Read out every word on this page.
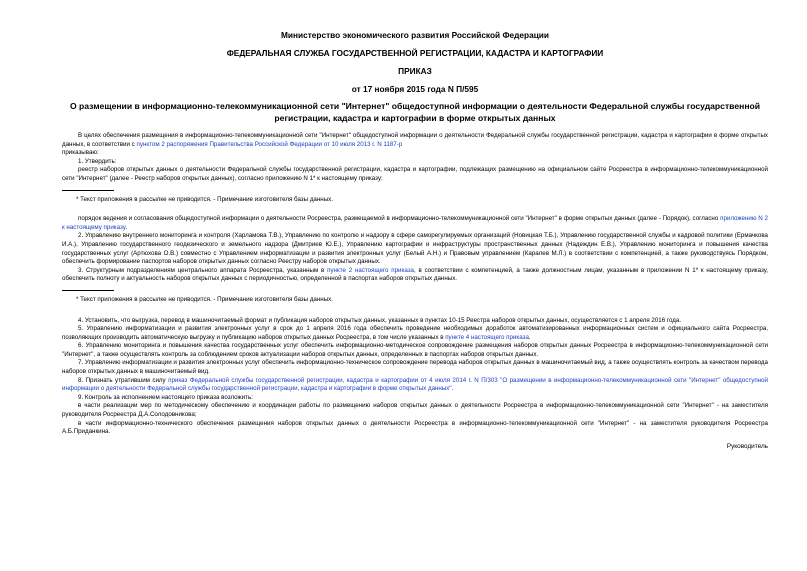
Министерство экономического развития Российской Федерации
ФЕДЕРАЛЬНАЯ СЛУЖБА ГОСУДАРСТВЕННОЙ РЕГИСТРАЦИИ, КАДАСТРА И КАРТОГРАФИИ
ПРИКАЗ
от 17 ноября 2015 года N П/595
О размещении в информационно-телекоммуникационной сети "Интернет" общедоступной информации о деятельности Федеральной службы государственной регистрации, кадастра и картографии в форме открытых данных

В целях обеспечения размещения в информационно-телекоммуникационной сети "Интернет" общедоступной информации о деятельности Федеральной службы государственной регистрации, кадастра и картографии в форме открытых данных, в соответствии с пунктом 2 распоряжения Правительства Российской Федерации от 10 июля 2013 г. N 1187-р

приказываю:

1. Утвердить:

реестр наборов открытых данных о деятельности Федеральной службы государственной регистрации, кадастра и картографии, подлежащих размещению на официальном сайте Росреестра в информационно-телекоммуникационной сети "Интернет" (далее - Реестр наборов открытых данных), согласно приложению N 1* к настоящему приказу;

* Текст приложения в рассылке не приводится. - Примечание изготовителя базы данных.

порядок ведения и согласования общедоступной информации о деятельности Росреестра, размещаемой в информационно-телекоммуникационной сети "Интернет" в форме открытых данных (далее - Порядок), согласно приложению N 2 к настоящему приказу.

2. Управлению внутреннего мониторинга и контроля (Харламова Т.В.), Управлению по контролю и надзору в сфере саморегулируемых организаций (Новицкая Т.Б.), Управлению государственной службы и кадровой политики (Ермачкова И.А.), Управлению государственного геодезического и земельного надзора (Дмитриев Ю.Е.), Управлению картографии и инфраструктуры пространственных данных (Надеждин Е.В.), Управлению мониторинга и повышения качества государственных услуг (Артюхова О.В.) совместно с Управлением информатизации и развития электронных услуг (Белый А.Н.) и Правовым управлением (Каралев М.Л.) в соответствии с компетенцией, а также руководствуясь Порядком, обеспечить формирование паспортов наборов открытых данных согласно Реестру наборов открытых данных.

3. Структурным подразделениям центрального аппарата Росреестра, указанным в пункте 2 настоящего приказа, в соответствии с компетенцией, а также должностным лицам, указанным в приложении N 1* к настоящему приказу, обеспечить полноту и актуальность наборов открытых данных с периодичностью, определенной в паспортах наборов открытых данных.

* Текст приложения в рассылке не приводится. - Примечание изготовителя базы данных.

4. Установить, что выгрузка, перевод в машиночитаемый формат и публикация наборов открытых данных, указанных в пунктах 10-15 Реестра наборов открытых данных, осуществляется с 1 апреля 2016 года.

5. Управлению информатизации и развития электронных услуг в срок до 1 апреля 2016 года обеспечить проведение необходимых доработок автоматизированных информационных систем и официального сайта Росреестра, позволяющих производить автоматическую выгрузку и публикацию наборов открытых данных Росреестра, в том числе указанных в пункте 4 настоящего приказа.

6. Управлению мониторинга и повышения качества государственных услуг обеспечить информационно-методическое сопровождение размещения наборов открытых данных Росреестра в информационно-телекоммуникационной сети "Интернет", а также осуществлять контроль за соблюдением сроков актуализации наборов открытых данных, определенных в паспортах наборов открытых данных.

7. Управлению информатизации и развития электронных услуг обеспечить информационно-техническое сопровождение перевода наборов открытых данных в машиночитаемый вид, а также осуществлять контроль за качеством перевода наборов открытых данных в машиночитаемый вид.

8. Признать утратившим силу приказ Федеральной службы государственной регистрации, кадастра и картографии от 4 июля 2014 г. N П/303 "О размещении в информационно-телекоммуникационной сети "Интернет" общедоступной информации о деятельности Федеральной службы государственной регистрации, кадастра и картографии в форме открытых данных".

9. Контроль за исполнением настоящего приказа возложить:

в части реализации мер по методическому обеспечению и координации работы по размещению наборов открытых данных о деятельности Росреестра в информационно-телекоммуникационной сети "Интернет" - на заместителя руководителя Росреестра Д.А.Солодовникова;

в части информационно-технического обеспечения размещения наборов открытых данных о деятельности Росреестра в информационно-телекоммуникационной сети "Интернет" - на заместителя руководителя Росреестра А.Б.Приданкина.

Руководитель
